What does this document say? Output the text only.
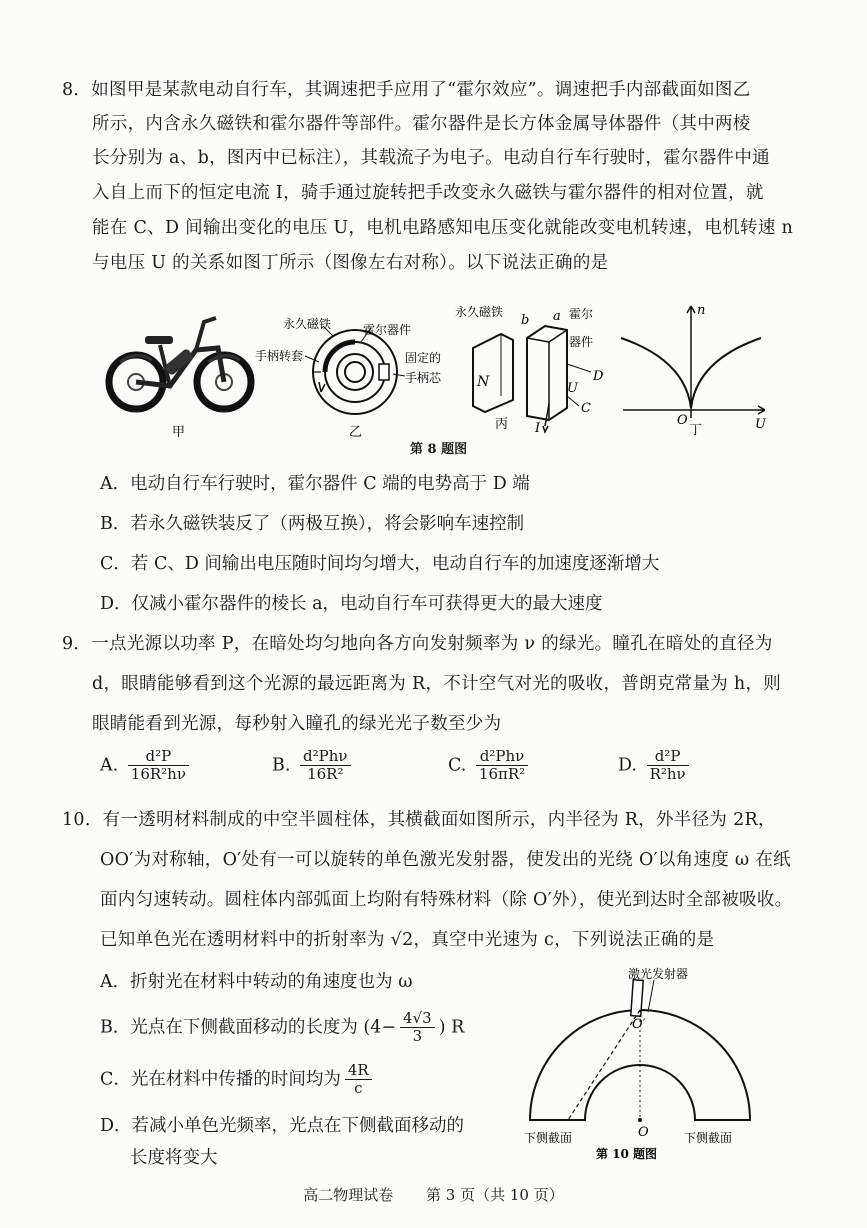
8．如图甲是某款电动自行车，其调速把手应用了“霍尔效应”。调速把手内部截面如图乙
所示，内含永久磁铁和霍尔器件等部件。霍尔器件是长方体金属导体器件（其中两棱
长分别为 a、b，图丙中已标注），其载流子为电子。电动自行车行驶时，霍尔器件中通
入自上而下的恒定电流 I，骑手通过旋转把手改变永久磁铁与霍尔器件的相对位置，就
能在 C、D 间输出变化的电压 U，电机电路感知电压变化就能改变电机转速，电机转速 n
与电压 U 的关系如图丁所示（图像左右对称）。以下说法正确的是
甲
永久磁铁	霍尔器件
手柄转套	固定的
手柄芯
乙
永久磁铁
b a 霍尔
器件
N	U
D
C
丙 I
n
O	U
丁
第 8 题图
A．电动自行车行驶时，霍尔器件 C 端的电势高于 D 端
B．若永久磁铁装反了（两极互换），将会影响车速控制
C．若 C、D 间输出电压随时间均匀增大，电动自行车的加速度逐渐增大
D．仅减小霍尔器件的棱长 a，电动自行车可获得更大的最大速度
9．一点光源以功率 P，在暗处均匀地向各方向发射频率为 ν 的绿光。瞳孔在暗处的直径为
d，眼睛能够看到这个光源的最远距离为 R，不计空气对光的吸收，普朗克常量为 h，则
眼睛能看到光源，每秒射入瞳孔的绿光光子数至少为
A. $\frac{\text{d²P}}{\text{16R²hν}}$	B. $\frac{\text{d²Phν}}{\text{16R²}}$	C. $\frac{\text{d²Phν}}{\text{16πR²}}$	D. $\frac{\text{d²P}}{\text{R²hν}}$
10．有一透明材料制成的中空半圆柱体，其横截面如图所示，内半径为 R，外半径为 2R，
OO′为对称轴，O′处有一可以旋转的单色激光发射器，使发出的光绕 O′以角速度 ω 在纸
面内匀速转动。圆柱体内部弧面上均附有特殊材料（除 O′外），使光到达时全部被吸收。
已知单色光在透明材料中的折射率为 √2，真空中光速为 c，下列说法正确的是
A．折射光在材料中转动的角速度也为 ω
B．光点在下侧截面移动的长度为 ($4- \frac{4√3}{3}$ ) R
C．光在材料中传播的时间均为 $\frac{4R}{c}$
D．若减小单色光频率，光点在下侧截面移动的
长度将变大
激光发射器
O′
O
下侧截面	下侧截面
第 10 题图
高二物理试卷 第 3 页（共 10 页）
